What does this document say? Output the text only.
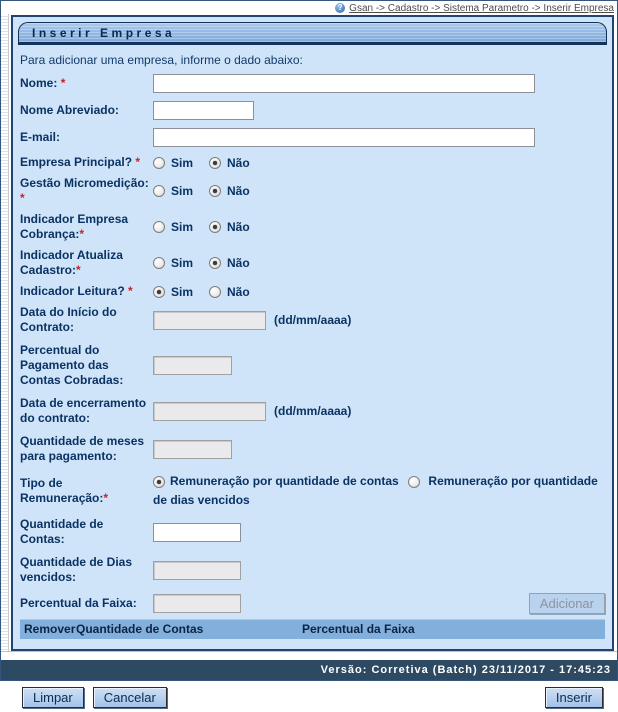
? Gsan -> Cadastro -> Sistema Parametro -> Inserir Empresa
Inserir Empresa
Para adicionar uma empresa, informe o dado abaixo:
Nome: *
Nome Abreviado:
E-mail:
Empresa Principal? *	Sim	Não
Gestão Micromedição: *	Sim	Não
Indicador Empresa Cobrança:*	Sim	Não
Indicador Atualiza Cadastro:*	Sim	Não
Indicador Leitura? *	Sim	Não
Data do Início do Contrato:	(dd/mm/aaaa)
Percentual do Pagamento das Contas Cobradas:
Data de encerramento do contrato:	(dd/mm/aaaa)
Quantidade de meses para pagamento:
Tipo de Remuneração:*
Remuneração por quantidade de contas Remuneração por quantidade de dias vencidos
Quantidade de Contas:
Quantidade de Dias vencidos:
Percentual da Faixa:	Adicionar
Remover Quantidade de Contas	Percentual da Faixa
Limpar	Cancelar	Inserir
Versão: Corretiva (Batch) 23/11/2017 - 17:45:23
